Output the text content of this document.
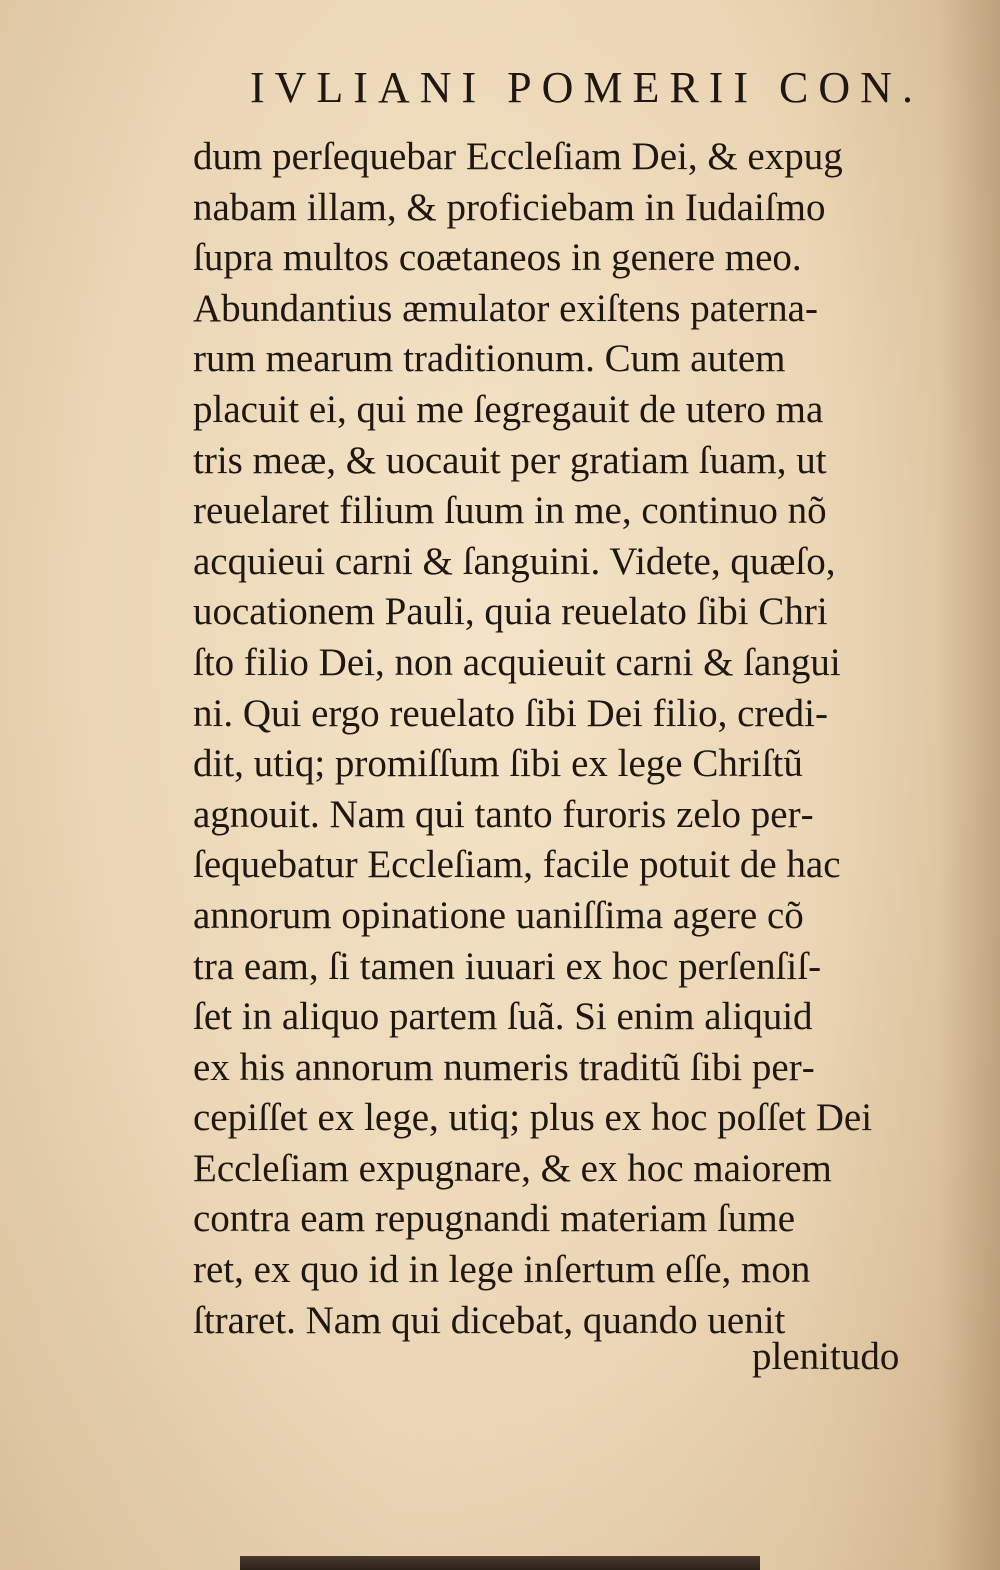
IVLIANI POMERII CON.
dum perſequebar Eccleſiam Dei, & expug
nabam illam, & proficiebam in Iudaiſmo
ſupra multos coætaneos in genere meo.
Abundantius æmulator exiſtens paterna‐
rum mearum traditionum. Cum autem
placuit ei, qui me ſegregauit de utero ma
tris meæ, & uocauit per gratiam ſuam, ut
reuelaret filium ſuum in me, continuo nõ
acquieui carni & ſanguini. Videte, quæſo,
uocationem Pauli, quia reuelato ſibi Chri
ſto filio Dei, non acquieuit carni & ſangui
ni. Qui ergo reuelato ſibi Dei filio, credi‐
dit, utiq; promiſſum ſibi ex lege Chriſtũ
agnouit. Nam qui tanto furoris zelo per‐
ſequebatur Eccleſiam, facile potuit de hac
annorum opinatione uaniſſima agere cõ
tra eam, ſi tamen iuuari ex hoc perſenſiſ‐
ſet in aliquo partem ſuã. Si enim aliquid
ex his annorum numeris traditũ ſibi per‐
cepiſſet ex lege, utiq; plus ex hoc poſſet Dei
Eccleſiam expugnare, & ex hoc maiorem
contra eam repugnandi materiam ſume
ret, ex quo id in lege inſertum eſſe, mon
ſtraret. Nam qui dicebat, quando uenit
plenitudo
